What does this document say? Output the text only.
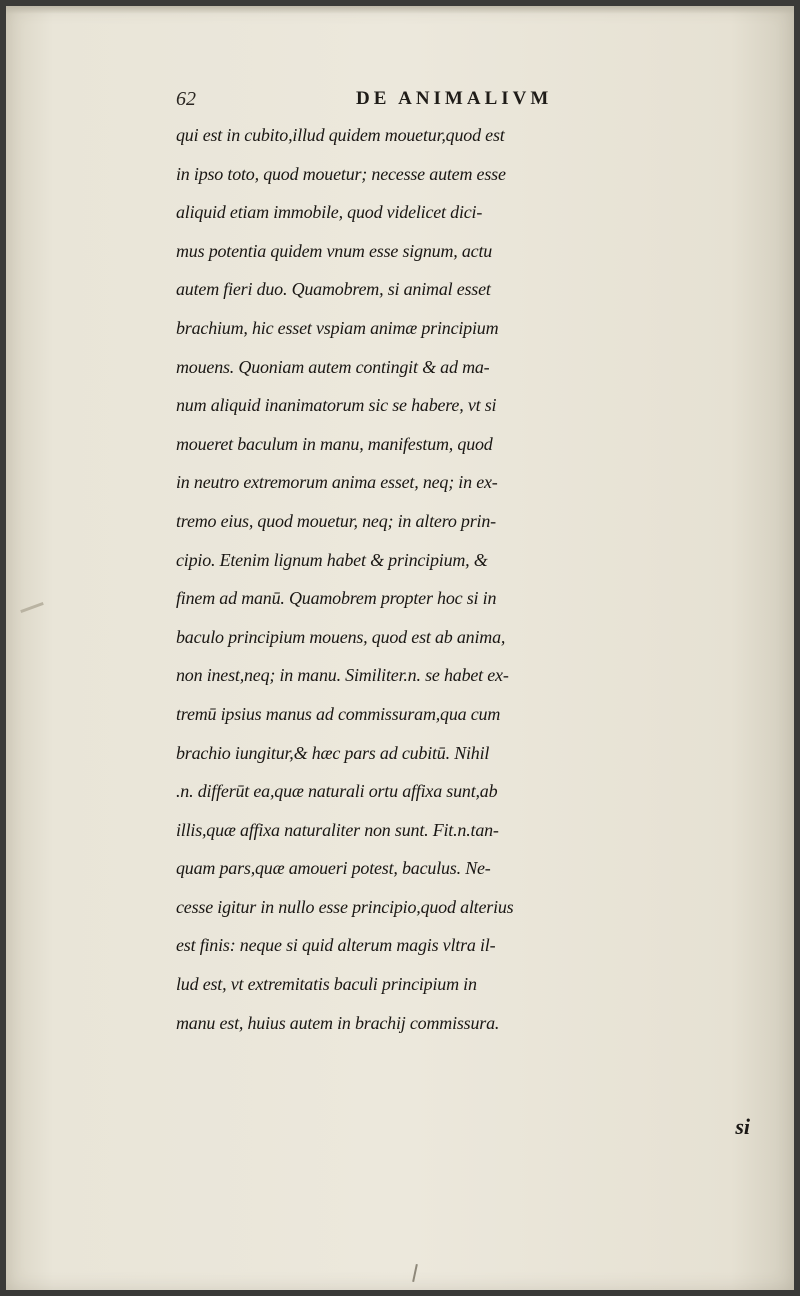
62	DE ANIMALIVM
qui est in cubito,illud quidem mouetur,quod est
in ipso toto, quod mouetur; necesse autem esse
aliquid etiam immobile, quod videlicet dici-
mus potentia quidem vnum esse signum, actu
autem fieri duo. Quamobrem, si animal esset
brachium, hic esset vspiam animæ principium
mouens. Quoniam autem contingit & ad ma-
num aliquid inanimatorum sic se habere, vt si
moueret baculum in manu, manifestum, quod
in neutro extremorum anima esset, neq; in ex-
tremo eius, quod mouetur, neq; in altero prin-
cipio. Etenim lignum habet & principium, &
finem ad manū. Quamobrem propter hoc si in
baculo principium mouens, quod est ab anima,
non inest,neq; in manu. Similiter.n. se habet ex-
tremū ipsius manus ad commissuram,qua cum
brachio iungitur,& hæc pars ad cubitū. Nihil
.n. differūt ea,quæ naturali ortu affixa sunt,ab
illis,quæ affixa naturaliter non sunt. Fit.n.tan-
quam pars,quæ amoueri potest, baculus. Ne-
cesse igitur in nullo esse principio,quod alterius
est finis: neque si quid alterum magis vltra il-
lud est, vt extremitatis baculi principium in
manu est, huius autem in brachij commissura.
si
